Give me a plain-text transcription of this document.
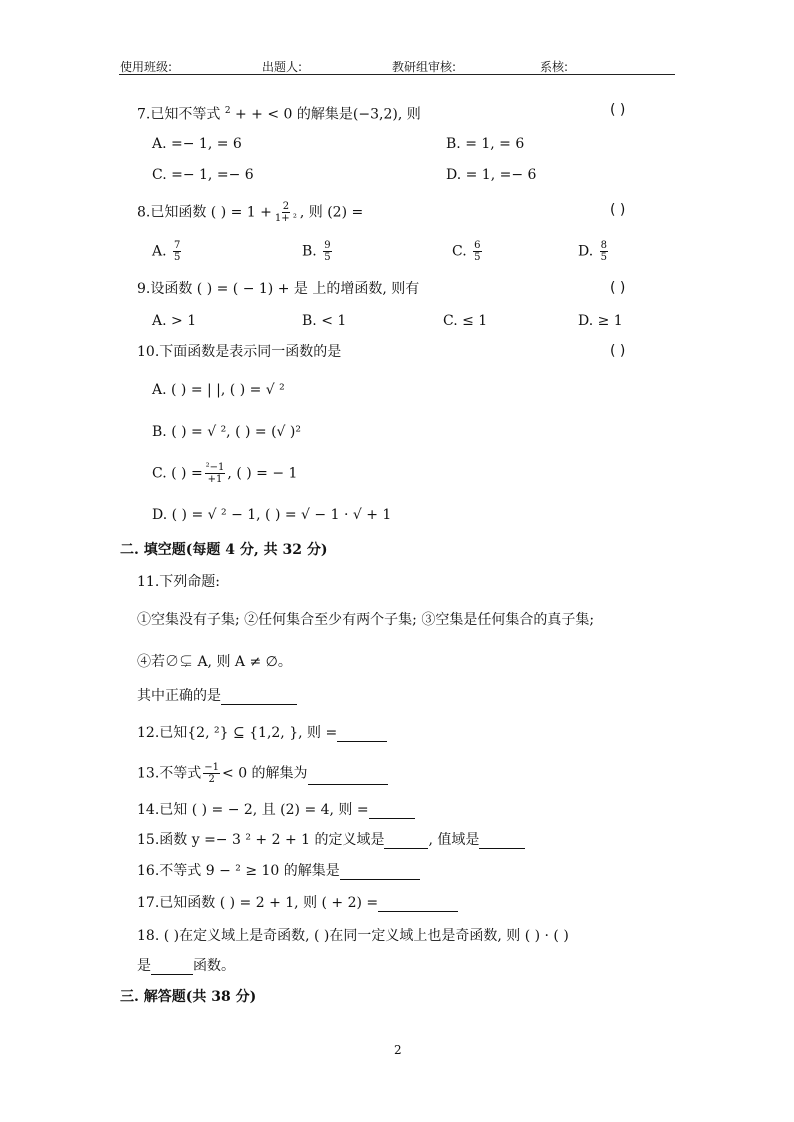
使用班级:	出题人:	教研组审核:	系核:
7.已知不等式 $^2$ + + < 0 的解集是(−3,2), 则	( )
A. =− 1, = 6	B. = 1, = 6
C. =− 1, =− 6	D. = 1, =− 6
8.已知函数 ( ) = $1 + \frac{2}{\text{1+ ²}}$ , 则 (2) =	( )
A. $\frac{7}{5}$	B. $\frac{9}{5}$	C. $\frac{6}{5}$	D. $\frac{8}{5}$
9.设函数 ( ) = ( − 1) + 是 上的增函数, 则有	( )
A. > 1	B. < 1	C. ≤ 1	D. ≥ 1
10.下面函数是表示同一函数的是	( )
A. ( ) = | |, ( ) = √ ²
B. ( ) = √ ², ( ) = (√ )²
C. ( ) = $\frac{\text{²−1}}{+1}$ , ( ) = − 1
D. ( ) = √ ² − 1, ( ) = √ − 1 · √ + 1
二. 填空题(每题 4 分, 共 32 分)
11.下列命题:
①空集没有子集; ②任何集合至少有两个子集; ③空集是任何集合的真子集;
④若∅⊊ A, 则 A ≠ ∅。
其中正确的是
12.已知{2, ²} ⊆ {1,2, }, 则 =
13.不等式 $\frac{-1}{2} < 0$ 的解集为
14.已知 ( ) = − 2, 且 (2) = 4, 则 =
15.函数 y =− 3 ² + 2 + 1 的定义域是	, 值域是
16.不等式 9 − ² ≥ 10 的解集是
17.已知函数 ( ) = 2 + 1, 则 ( + 2) =
18. ( )在定义域上是奇函数, ( )在同一定义域上也是奇函数, 则 ( ) · ( )
是	函数。
三. 解答题(共 38 分)
2
